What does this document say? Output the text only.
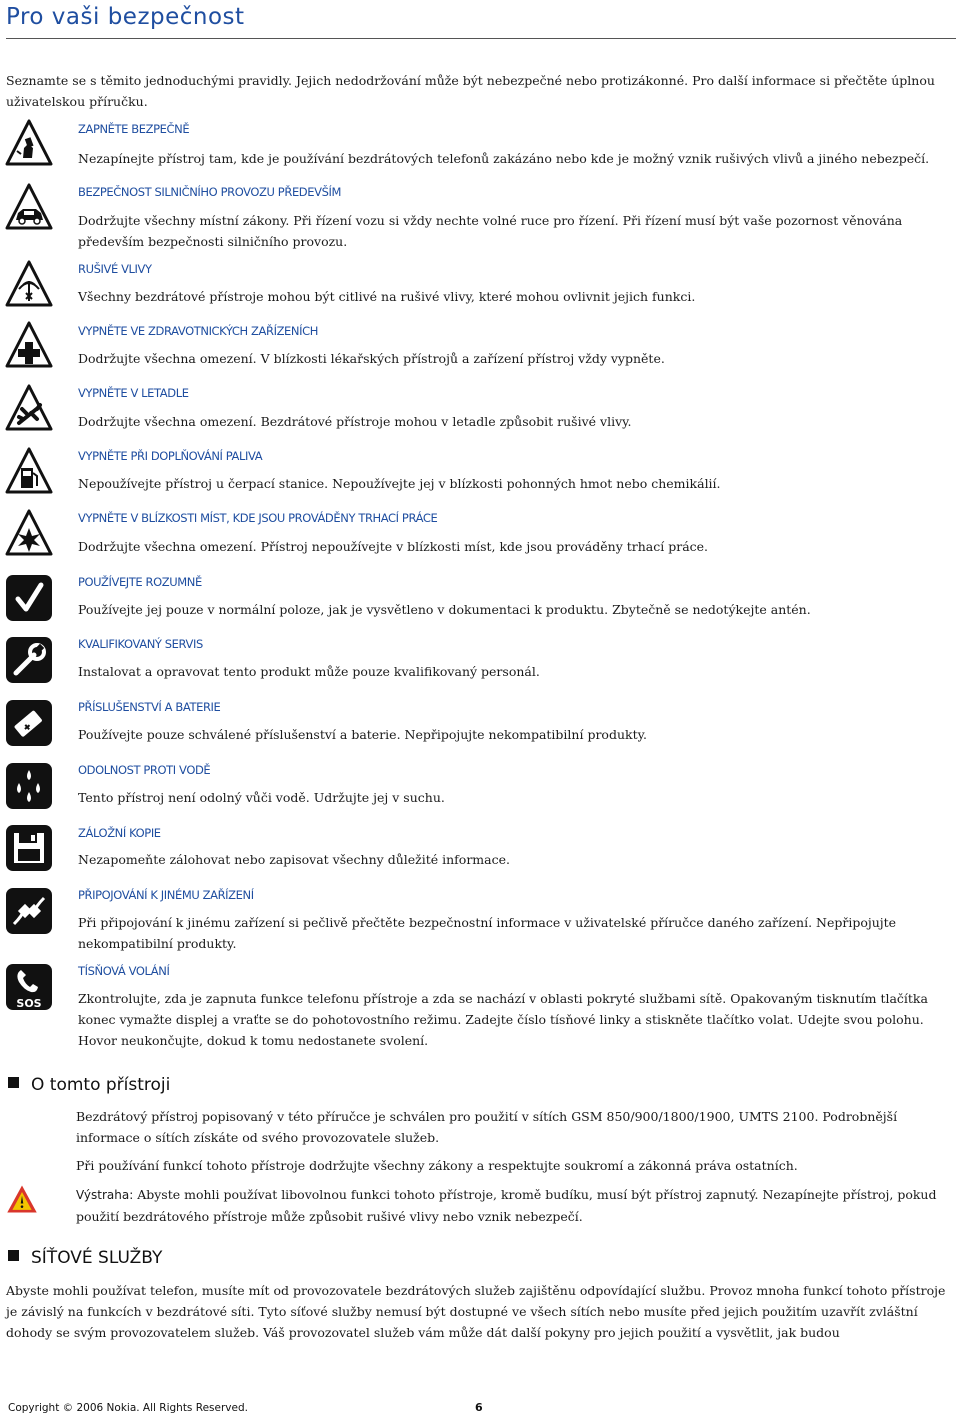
Pro vaši bezpečnost
Seznamte se s těmito jednoduchými pravidly. Jejich nedodržování může být nebezpečné nebo protizákonné. Pro další informace si přečtěte úplnou uživatelskou příručku.
ZAPNĚTE BEZPEČNĚ
Nezapínejte přístroj tam, kde je používání bezdrátových telefonů zakázáno nebo kde je možný vznik rušivých vlivů a jiného nebezpečí.
BEZPEČNOST SILNIČNÍHO PROVOZU PŘEDEVŠÍM
Dodržujte všechny místní zákony. Při řízení vozu si vždy nechte volné ruce pro řízení. Při řízení musí být vaše pozornost věnována především bezpečnosti silničního provozu.
RUŠIVÉ VLIVY
Všechny bezdrátové přístroje mohou být citlivé na rušivé vlivy, které mohou ovlivnit jejich funkci.
VYPNĚTE VE ZDRAVOTNICKÝCH ZAŘÍZENÍCH
Dodržujte všechna omezení. V blízkosti lékařských přístrojů a zařízení přístroj vždy vypněte.
VYPNĚTE V LETADLE
Dodržujte všechna omezení. Bezdrátové přístroje mohou v letadle způsobit rušivé vlivy.
VYPNĚTE PŘI DOPLŇOVÁNÍ PALIVA
Nepoužívejte přístroj u čerpací stanice. Nepoužívejte jej v blízkosti pohonných hmot nebo chemikálií.
VYPNĚTE V BLÍZKOSTI MÍST, KDE JSOU PROVÁDĚNY TRHACÍ PRÁCE
Dodržujte všechna omezení. Přístroj nepoužívejte v blízkosti míst, kde jsou prováděny trhací práce.
POUŽÍVEJTE ROZUMNĚ
Používejte jej pouze v normální poloze, jak je vysvětleno v dokumentaci k produktu. Zbytečně se nedotýkejte antén.
KVALIFIKOVANÝ SERVIS
Instalovat a opravovat tento produkt může pouze kvalifikovaný personál.
PŘÍSLUŠENSTVÍ A BATERIE
Používejte pouze schválené příslušenství a baterie. Nepřipojujte nekompatibilní produkty.
ODOLNOST PROTI VODĚ
Tento přístroj není odolný vůči vodě. Udržujte jej v suchu.
ZÁLOŽNÍ KOPIE
Nezapomeňte zálohovat nebo zapisovat všechny důležité informace.
PŘIPOJOVÁNÍ K JINÉMU ZAŘÍZENÍ
Při připojování k jinému zařízení si pečlivě přečtěte bezpečnostní informace v uživatelské příručce daného zařízení. Nepřipojujte nekompatibilní produkty.
SOS
TÍSŇOVÁ VOLÁNÍ
Zkontrolujte, zda je zapnuta funkce telefonu přístroje a zda se nachází v oblasti pokryté službami sítě. Opakovaným tisknutím tlačítka konec vymažte displej a vraťte se do pohotovostního režimu. Zadejte číslo tísňové linky a stiskněte tlačítko volat. Udejte svou polohu. Hovor neukončujte, dokud k tomu nedostanete svolení.
O tomto přístroji
Bezdrátový přístroj popisovaný v této příručce je schválen pro použití v sítích GSM 850/900/1800/1900, UMTS 2100. Podrobnější informace o sítích získáte od svého provozovatele služeb.
Při používání funkcí tohoto přístroje dodržujte všechny zákony a respektujte soukromí a zákonná práva ostatních.
Výstraha: Abyste mohli používat libovolnou funkci tohoto přístroje, kromě budíku, musí být přístroj zapnutý. Nezapínejte přístroj, pokud použití bezdrátového přístroje může způsobit rušivé vlivy nebo vznik nebezpečí.
SÍŤOVÉ SLUŽBY
Abyste mohli používat telefon, musíte mít od provozovatele bezdrátových služeb zajištěnu odpovídající službu. Provoz mnoha funkcí tohoto přístroje je závislý na funkcích v bezdrátové síti. Tyto síťové služby nemusí být dostupné ve všech sítích nebo musíte před jejich použitím uzavřít zvláštní dohody se svým provozovatelem služeb. Váš provozovatel služeb vám může dát další pokyny pro jejich použití a vysvětlit, jak budou
Copyright © 2006 Nokia. All Rights Reserved.	6
